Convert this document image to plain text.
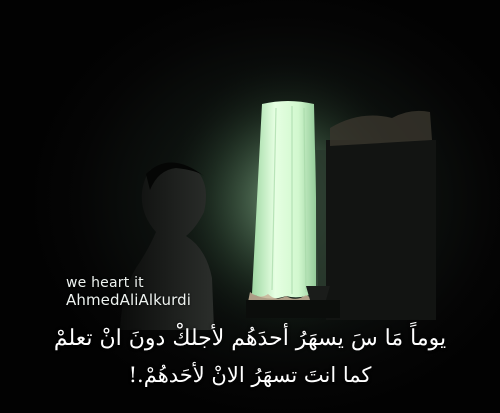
we heart it
AhmedAliAlkurdi
يوماً مَا سَ يسهَرُ أحدَهُم لأجلكْ دونَ انْ تعلمْ
كما انتَ تسهَرُ الانْ لأحَدهُمْ.!
